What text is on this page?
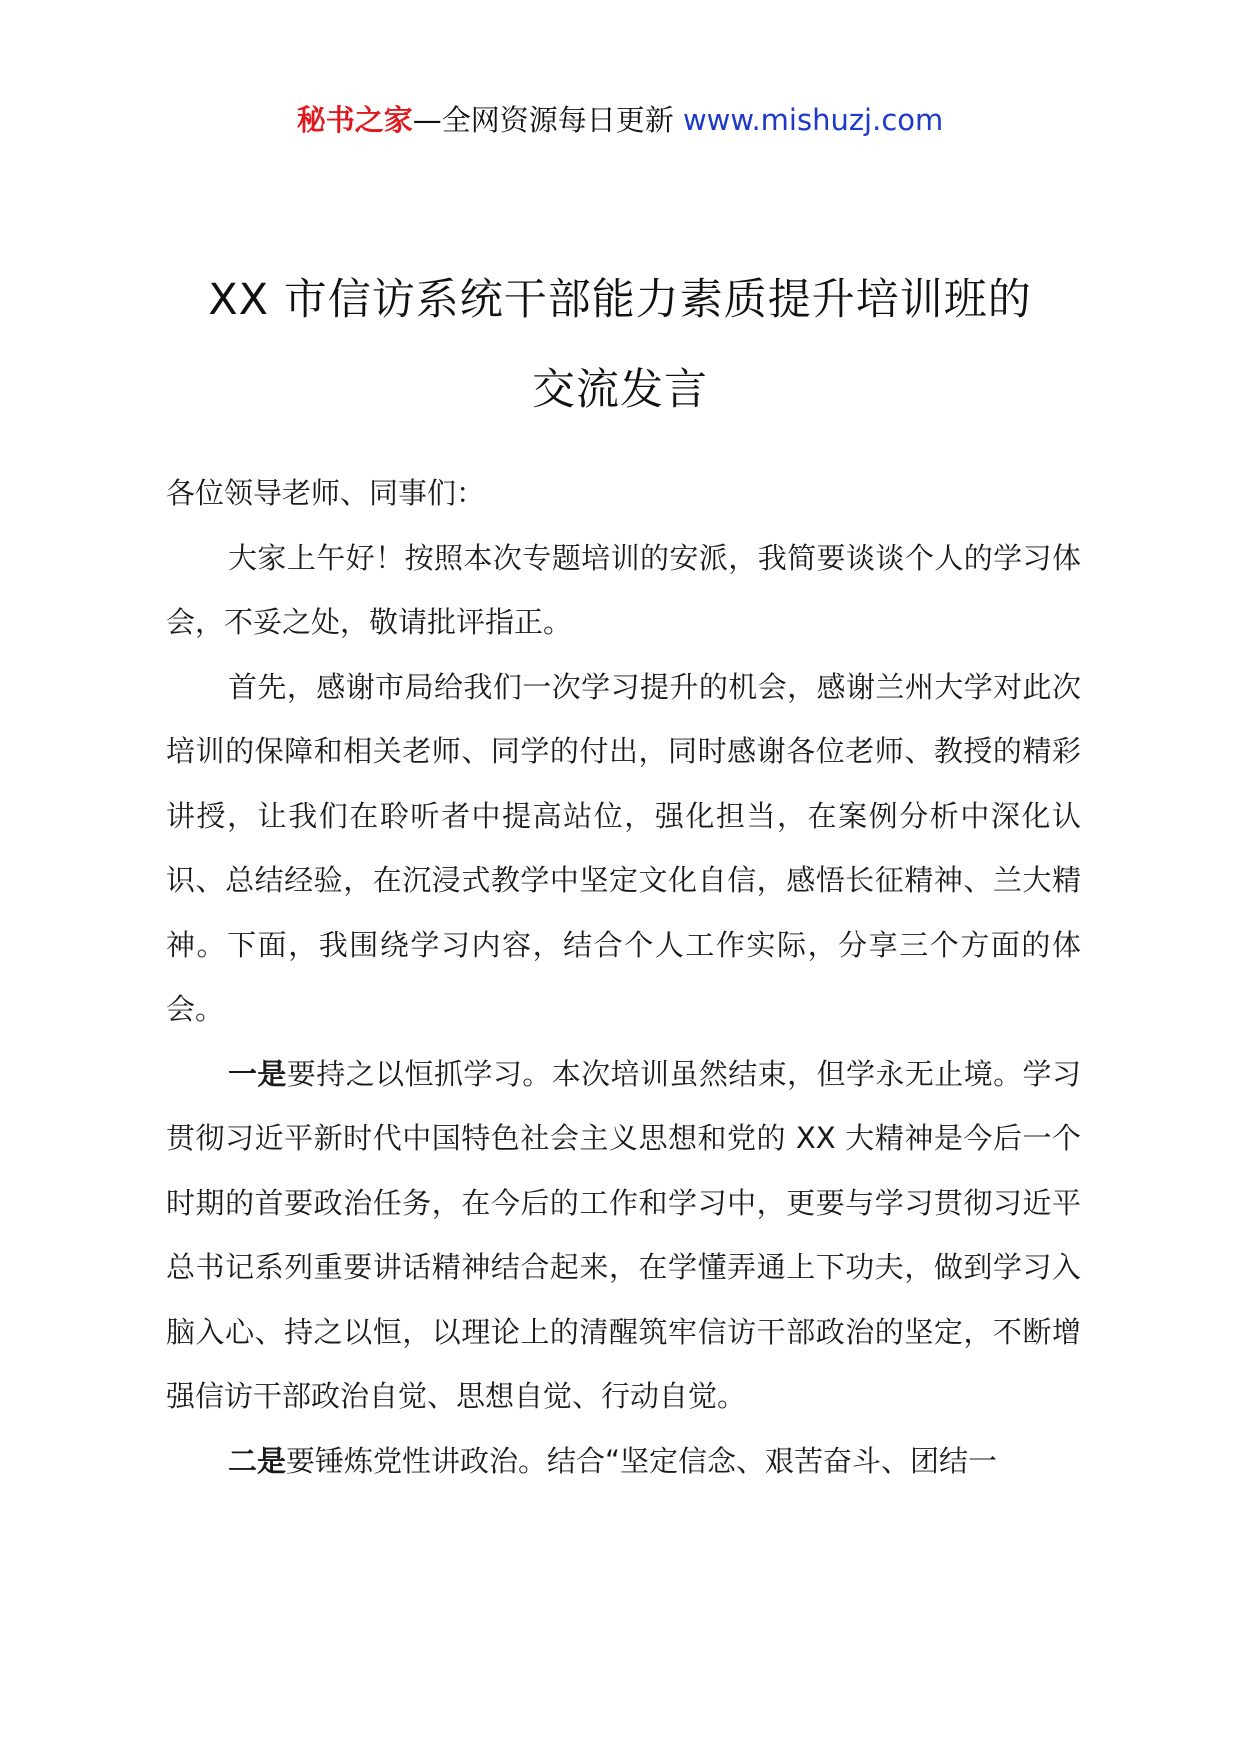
秘书之家—全网资源每日更新 www.mishuzj.com
XX 市信访系统干部能力素质提升培训班的
交流发言

各位领导老师、同事们：

大家上午好！按照本次专题培训的安派，我简要谈谈个人的学习体会，不妥之处，敬请批评指正。

首先，感谢市局给我们一次学习提升的机会，感谢兰州大学对此次培训的保障和相关老师、同学的付出，同时感谢各位老师、教授的精彩讲授，让我们在聆听者中提高站位，强化担当，在案例分析中深化认识、总结经验，在沉浸式教学中坚定文化自信，感悟长征精神、兰大精神。下面，我围绕学习内容，结合个人工作实际，分享三个方面的体会。

一是要持之以恒抓学习。本次培训虽然结束，但学永无止境。学习贯彻习近平新时代中国特色社会主义思想和党的 XX 大精神是今后一个时期的首要政治任务，在今后的工作和学习中，更要与学习贯彻习近平总书记系列重要讲话精神结合起来，在学懂弄通上下功夫，做到学习入脑入心、持之以恒，以理论上的清醒筑牢信访干部政治的坚定，不断增强信访干部政治自觉、思想自觉、行动自觉。

二是要锤炼党性讲政治。结合“坚定信念、艰苦奋斗、团结一
